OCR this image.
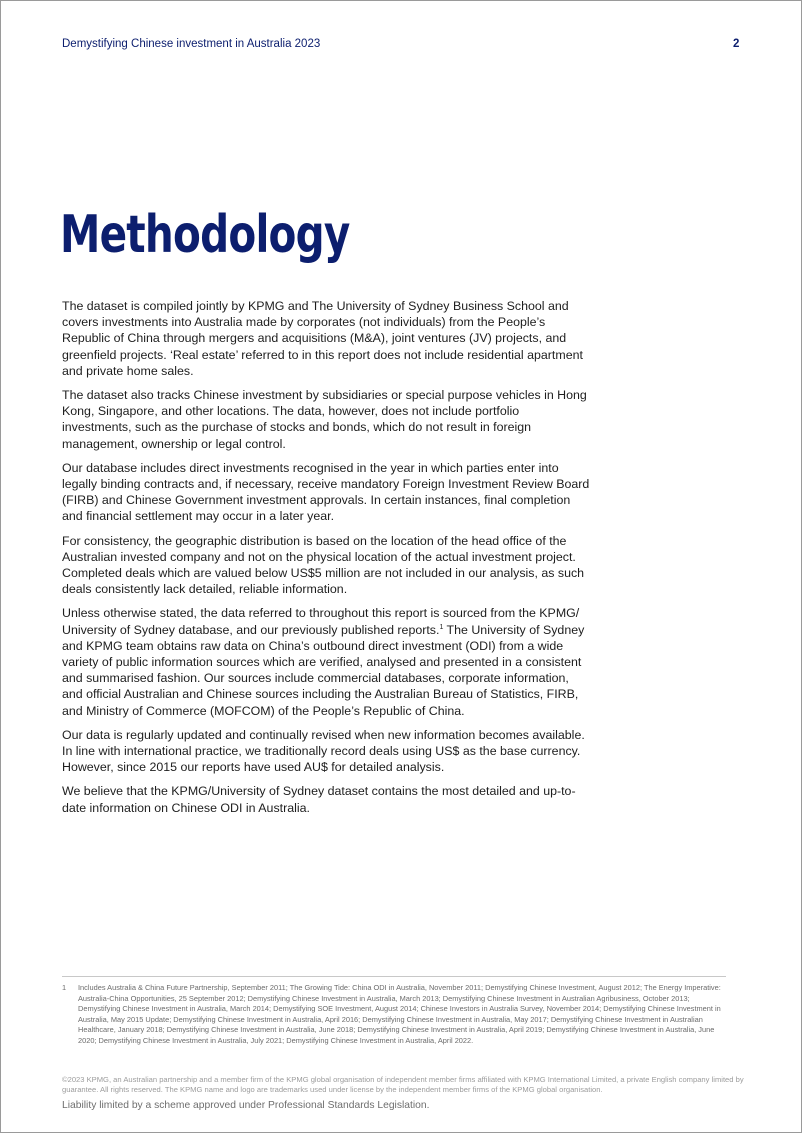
Demystifying Chinese investment in Australia 2023	2
Methodology

The dataset is compiled jointly by KPMG and The University of Sydney Business School and covers investments into Australia made by corporates (not individuals) from the People’s Republic of China through mergers and acquisitions (M&A), joint ventures (JV) projects, and greenfield projects. ‘Real estate’ referred to in this report does not include residential apartment and private home sales.

The dataset also tracks Chinese investment by subsidiaries or special purpose vehicles in Hong Kong, Singapore, and other locations. The data, however, does not include portfolio investments, such as the purchase of stocks and bonds, which do not result in foreign management, ownership or legal control.

Our database includes direct investments recognised in the year in which parties enter into legally binding contracts and, if necessary, receive mandatory Foreign Investment Review Board (FIRB) and Chinese Government investment approvals. In certain instances, final completion and financial settlement may occur in a later year.

For consistency, the geographic distribution is based on the location of the head office of the Australian invested company and not on the physical location of the actual investment project. Completed deals which are valued below US$5 million are not included in our analysis, as such deals consistently lack detailed, reliable information.

Unless otherwise stated, the data referred to throughout this report is sourced from the KPMG/ University of Sydney database, and our previously published reports.$^1$ The University of Sydney and KPMG team obtains raw data on China’s outbound direct investment (ODI) from a wide variety of public information sources which are verified, analysed and presented in a consistent and summarised fashion. Our sources include commercial databases, corporate information, and official Australian and Chinese sources including the Australian Bureau of Statistics, FIRB, and Ministry of Commerce (MOFCOM) of the People’s Republic of China.

Our data is regularly updated and continually revised when new information becomes available. In line with international practice, we traditionally record deals using US$ as the base currency. However, since 2015 our reports have used AU$ for detailed analysis.

We believe that the KPMG/University of Sydney dataset contains the most detailed and up-to-date information on Chinese ODI in Australia.

1 Includes Australia & China Future Partnership, September 2011; The Growing Tide: China ODI in Australia, November 2011; Demystifying Chinese Investment, August 2012; The Energy Imperative: Australia-China Opportunities, 25 September 2012; Demystifying Chinese Investment in Australia, March 2013; Demystifying Chinese Investment in Australian Agribusiness, October 2013; Demystifying Chinese Investment in Australia, March 2014; Demystifying SOE Investment, August 2014; Chinese Investors in Australia Survey, November 2014; Demystifying Chinese Investment in Australia, May 2015 Update; Demystifying Chinese Investment in Australia, April 2016; Demystifying Chinese Investment in Australia, May 2017; Demystifying Chinese Investment in Australian Healthcare, January 2018; Demystifying Chinese Investment in Australia, June 2018; Demystifying Chinese Investment in Australia, April 2019; Demystifying Chinese Investment in Australia, June 2020; Demystifying Chinese Investment in Australia, July 2021; Demystifying Chinese Investment in Australia, April 2022.
©2023 KPMG, an Australian partnership and a member firm of the KPMG global organisation of independent member firms affiliated with KPMG International Limited, a private English company limited by guarantee. All rights reserved. The KPMG name and logo are trademarks used under license by the independent member firms of the KPMG global organisation.
Liability limited by a scheme approved under Professional Standards Legislation.
